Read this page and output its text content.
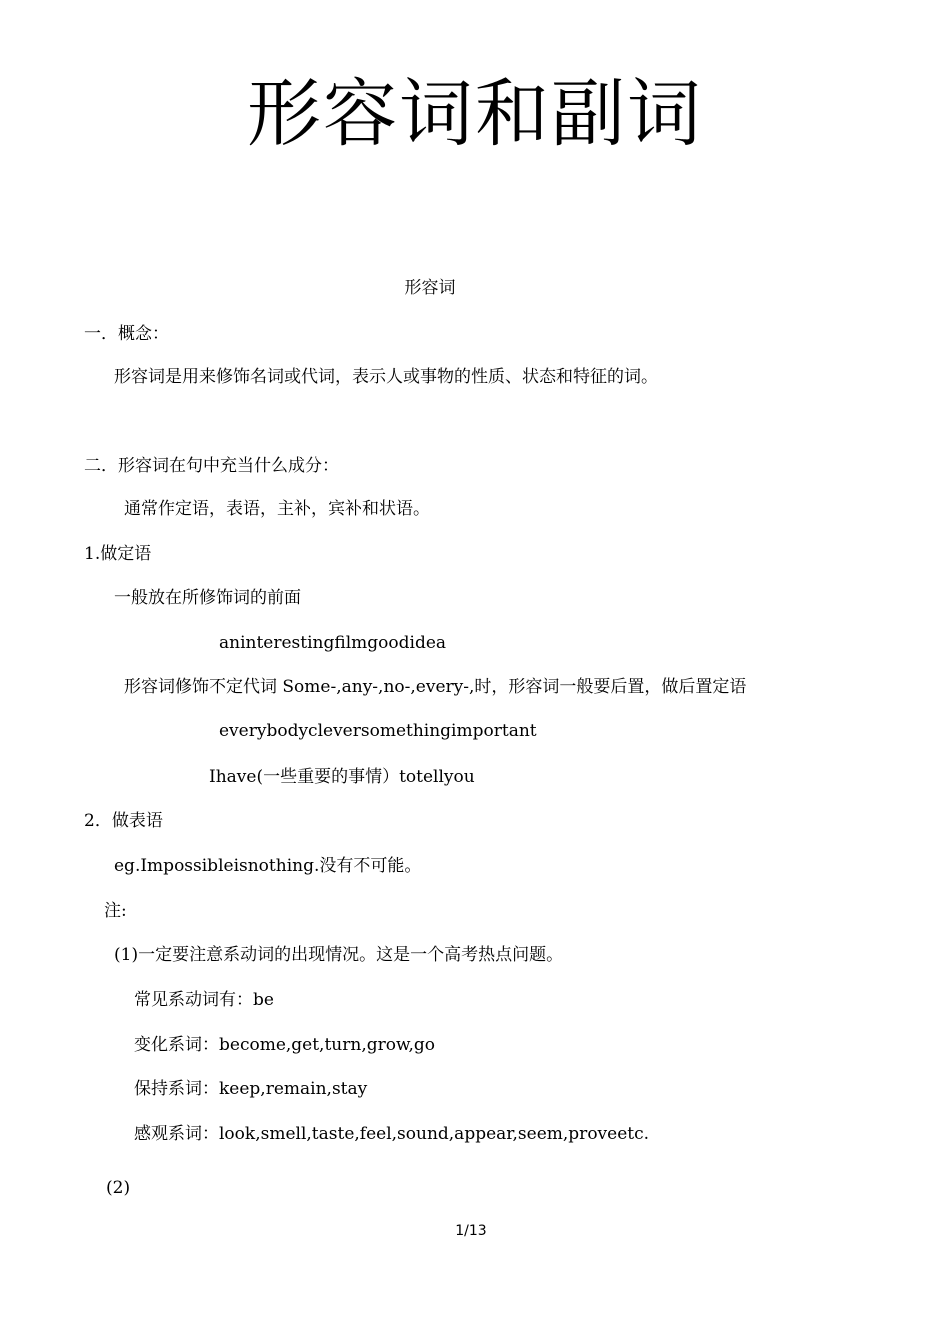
形容词和副词
形容词
一．概念：
形容词是用来修饰名词或代词，表示人或事物的性质、状态和特征的词。
二．形容词在句中充当什么成分：
通常作定语，表语，主补，宾补和状语。
1.做定语
一般放在所修饰词的前面
aninterestingfilmgoodidea
形容词修饰不定代词 Some-,any-,no-,every-,时，形容词一般要后置，做后置定语
everybodycleversomethingimportant
Ihave(一些重要的事情）totellyou
2．做表语
eg.Impossibleisnothing.没有不可能。
注:
(1)一定要注意系动词的出现情况。这是一个高考热点问题。
常见系动词有：be
变化系词：become,get,turn,grow,go
保持系词：keep,remain,stay
感观系词：look,smell,taste,feel,sound,appear,seem,proveetc.
(2)
1/13
